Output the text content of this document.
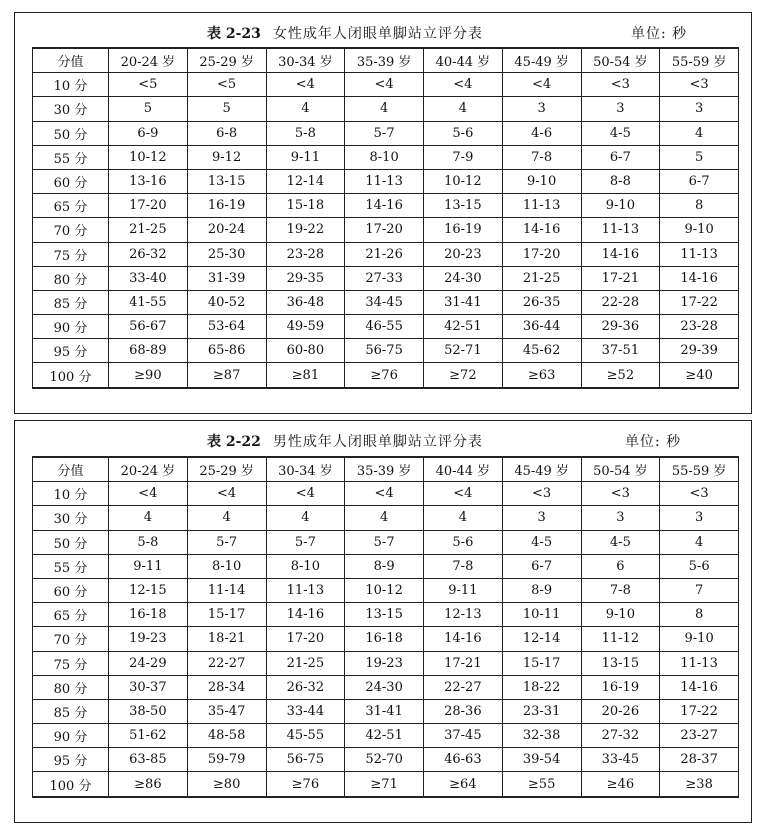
表 2-23 女性成年人闭眼单脚站立评分表	单位: 秒
分值	20-24 岁	25-29 岁	30-34 岁	35-39 岁	40-44 岁	45-49 岁	50-54 岁	55-59 岁
10 分	<5	<5	<4	<4	<4	<4	<3	<3
30 分	5	5	4	4	4	3	3	3
50 分	6-9	6-8	5-8	5-7	5-6	4-6	4-5	4
55 分	10-12	9-12	9-11	8-10	7-9	7-8	6-7	5
60 分	13-16	13-15	12-14	11-13	10-12	9-10	8-8	6-7
65 分	17-20	16-19	15-18	14-16	13-15	11-13	9-10	8
70 分	21-25	20-24	19-22	17-20	16-19	14-16	11-13	9-10
75 分	26-32	25-30	23-28	21-26	20-23	17-20	14-16	11-13
80 分	33-40	31-39	29-35	27-33	24-30	21-25	17-21	14-16
85 分	41-55	40-52	36-48	34-45	31-41	26-35	22-28	17-22
90 分	56-67	53-64	49-59	46-55	42-51	36-44	29-36	23-28
95 分	68-89	65-86	60-80	56-75	52-71	45-62	37-51	29-39
100 分	≥90	≥87	≥81	≥76	≥72	≥63	≥52	≥40
表 2-22 男性成年人闭眼单脚站立评分表	单位: 秒
分值	20-24 岁	25-29 岁	30-34 岁	35-39 岁	40-44 岁	45-49 岁	50-54 岁	55-59 岁
10 分	<4	<4	<4	<4	<4	<3	<3	<3
30 分	4	4	4	4	4	3	3	3
50 分	5-8	5-7	5-7	5-7	5-6	4-5	4-5	4
55 分	9-11	8-10	8-10	8-9	7-8	6-7	6	5-6
60 分	12-15	11-14	11-13	10-12	9-11	8-9	7-8	7
65 分	16-18	15-17	14-16	13-15	12-13	10-11	9-10	8
70 分	19-23	18-21	17-20	16-18	14-16	12-14	11-12	9-10
75 分	24-29	22-27	21-25	19-23	17-21	15-17	13-15	11-13
80 分	30-37	28-34	26-32	24-30	22-27	18-22	16-19	14-16
85 分	38-50	35-47	33-44	31-41	28-36	23-31	20-26	17-22
90 分	51-62	48-58	45-55	42-51	37-45	32-38	27-32	23-27
95 分	63-85	59-79	56-75	52-70	46-63	39-54	33-45	28-37
100 分	≥86	≥80	≥76	≥71	≥64	≥55	≥46	≥38
